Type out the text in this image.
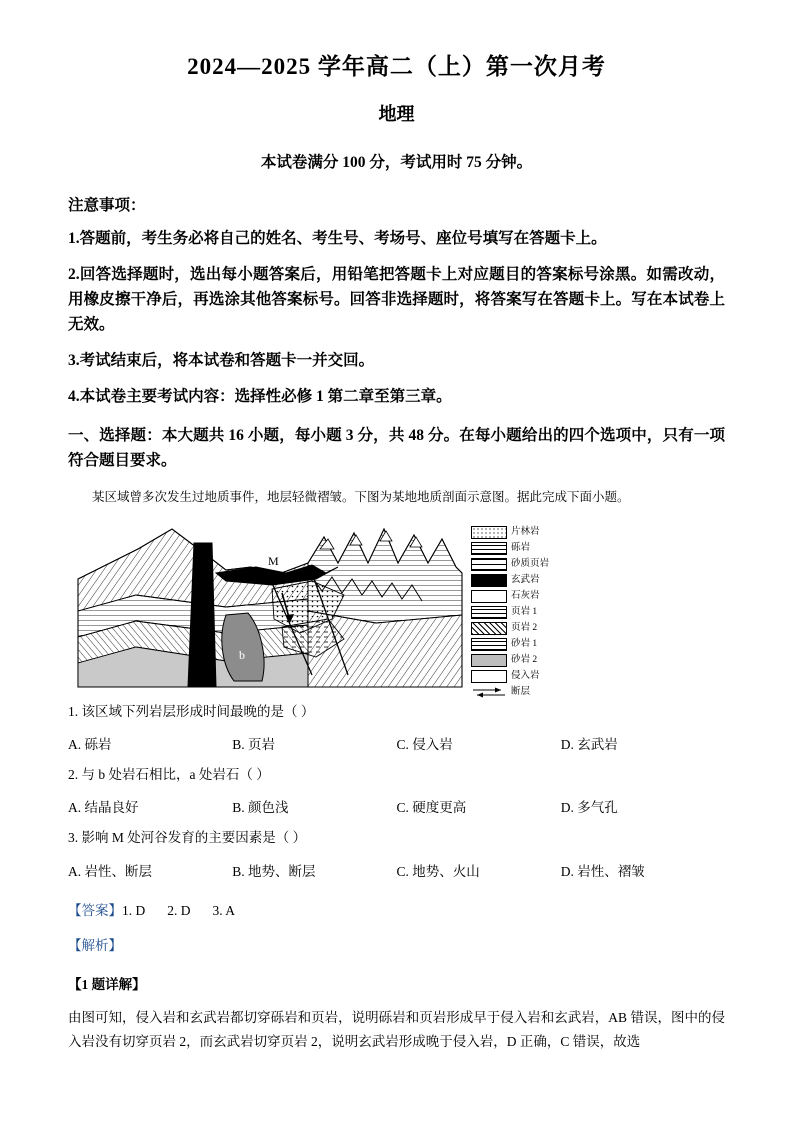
2024—2025 学年高二（上）第一次月考
地理
本试卷满分 100 分，考试用时 75 分钟。
注意事项：
1.答题前，考生务必将自己的姓名、考生号、考场号、座位号填写在答题卡上。
2.回答选择题时，选出每小题答案后，用铅笔把答题卡上对应题目的答案标号涂黑。如需改动，用橡皮擦干净后，再选涂其他答案标号。回答非选择题时，将答案写在答题卡上。写在本试卷上无效。
3.考试结束后，将本试卷和答题卡一并交回。
4.本试卷主要考试内容：选择性必修 1 第二章至第三章。
一、选择题：本大题共 16 小题，每小题 3 分，共 48 分。在每小题给出的四个选项中，只有一项符合题目要求。
某区域曾多次发生过地质事件，地层轻微褶皱。下图为某地地质剖面示意图。据此完成下面小题。
a
M
b
片林岩
砾岩
砂质页岩
玄武岩
石灰岩
页岩 1
页岩 2
砂岩 1
砂岩 2
侵入岩
断层
1. 该区域下列岩层形成时间最晚的是（ ）
A. 砾岩	B. 页岩	C. 侵入岩	D. 玄武岩
2. 与 b 处岩石相比，a 处岩石（ ）
A. 结晶良好	B. 颜色浅	C. 硬度更高	D. 多气孔
3. 影响 M 处河谷发育的主要因素是（ ）
A. 岩性、断层	B. 地势、断层	C. 地势、火山	D. 岩性、褶皱
【答案】1. D 2. D 3. A
【解析】
【1 题详解】
由图可知，侵入岩和玄武岩都切穿砾岩和页岩，说明砾岩和页岩形成早于侵入岩和玄武岩，AB 错误，图中的侵入岩没有切穿页岩 2，而玄武岩切穿页岩 2，说明玄武岩形成晚于侵入岩，D 正确，C 错误，故选
